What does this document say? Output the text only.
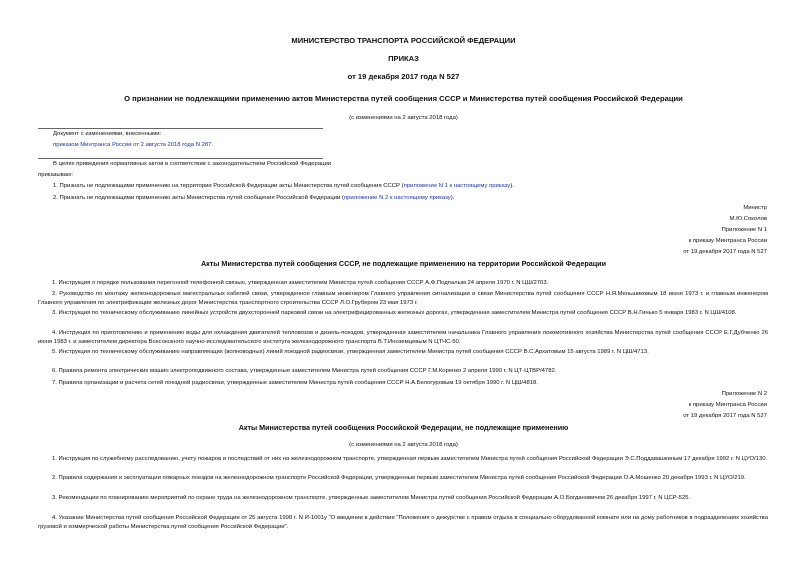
МИНИСТЕРСТВО ТРАНСПОРТА РОССИЙСКОЙ ФЕДЕРАЦИИ
ПРИКАЗ
от 19 декабря 2017 года N 527
О признании не подлежащими применению актов Министерства путей сообщения СССР и Министерства путей сообщения Российской Федерации
(с изменениями на 2 августа 2018 года)
Документ с изменениями, внесенными:
приказом Минтранса России от 2 августа 2018 года N 287.
В целях приведения нормативных актов в соответствие с законодательством Российской Федерации
приказываю:
1. Признать не подлежащими применению на территории Российской Федерации акты Министерства путей сообщения СССР (приложение N 1 к настоящему приказу).
2. Признать не подлежащими применению акты Министерства путей сообщения Российской Федерации (приложение N 2 к настоящему приказу).
Министр
М.Ю.Соколов
Приложение N 1
к приказу Минтранса России
от 19 декабря 2017 года N 527
Акты Министерства путей сообщения СССР, не подлежащие применению на территории Российской Федерации
1. Инструкция о порядке пользования перегонной телефонной связью, утвержденная заместителем Министра путей сообщения СССР А.Ф.Подпалым 24 апреля 1970 г. N ЦШ/2703.
2. Руководство по монтажу железнодорожных магистральных кабелей связи, утвержденное главным инженером Главного управления сигнализации и связи Министерства путей сообщения СССР Н.Я.Меньшиковым 18 июня 1973 г. и главным инженером Главного управления по электрификации железных дорог Министерства транспортного строительства СССР Л.О.Грубером 23 мая 1973 г.
3. Инструкция по техническому обслуживанию линейных устройств двухсторонней парковой связи на электрифицированных железных дорогах, утвержденная заместителем Министра путей сообщения СССР В.Н.Гинько 5 января 1983 г. N ЦШ/4108.
4. Инструкция по приготовлению и применению воды для охлаждения двигателей тепловозов и дизель-поездов, утвержденная заместителем начальника Главного управления локомотивного хозяйства Министерства путей сообщения СССР Е.Г.Дубченко 26 июня 1983 г. и заместителем директора Всесоюзного научно-исследовательского института железнодорожного транспорта В.Т.Иноземцевым N ЦТЧС-50.
5. Инструкция по техническому обслуживанию направляющих (волноводных) линий поездной радиосвязи, утвержденная заместителем Министра путей сообщения СССР В.С.Архатовым 15 августа 1989 г. N ЦШ/4713.
6. Правила ремонта электрических машин электроподвижного состава, утвержденные заместителем Министра путей сообщения СССР Г.М.Коренко 2 апреля 1990 г. N ЦТ-ЦТВР/4782.
7. Правила организации и расчета сетей поездной радиосвязи, утвержденные заместителем Министра путей сообщения СССР Н.А.Белогуровым 19 октября 1990 г. N ЦШ/4818.
Приложение N 2
к приказу Минтранса России
от 19 декабря 2017 года N 527
Акты Министерства путей сообщения Российской Федерации, не подлежащие применению
(с изменениями на 2 августа 2018 года)
1. Инструкция по служебному расследованию, учету пожаров и последствий от них на железнодорожном транспорте, утвержденная первым заместителем Министра путей сообщения Российской Федерации Э.С.Поддавашкиным 17 декабря 1992 г. N ЦУО/130.
2. Правила содержания и эксплуатации пожарных поездов на железнодорожном транспорте Российской Федерации, утвержденные первым заместителем Министра путей сообщения Российской Федерации О.А.Мошенко 20 декабря 1993 г. N ЦУО/219.
3. Рекомендации по планированию мероприятий по охране труда на железнодорожном транспорте, утвержденные заместителем Министра путей сообщения Российской Федерации А.О.Богдановичем 26 декабря 1997 г. N ЦСР-525.
4. Указание Министерства путей сообщения Российской Федерации от 25 августа 1998 г. N И-1001у "О введении в действие "Положения о дежурстве с правом отдыха в специально оборудованной комнате или на дому работников в подразделениях хозяйства грузовой и коммерческой работы Министерства путей сообщения Российской Федерации".
